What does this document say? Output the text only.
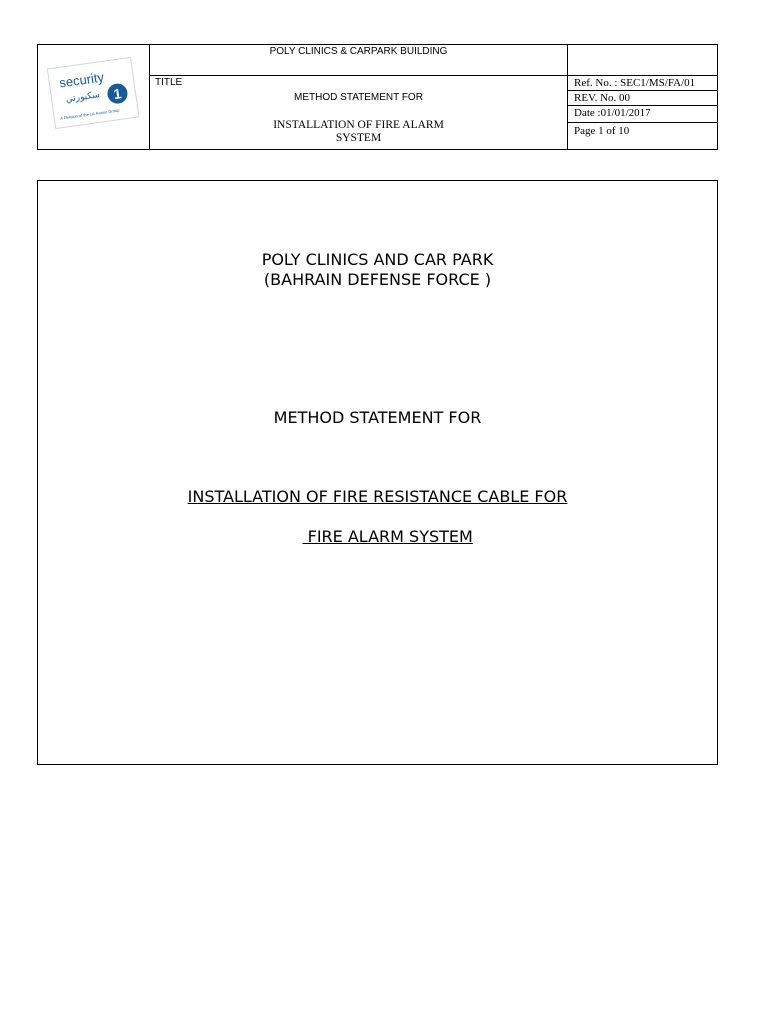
security
سكيورتي 1
A Division of the I.A.Kanoo Group	POLY CLINICS & CARPARK BUILDING	

	TITLE
METHOD STATEMENT FOR
INSTALLATION OF FIRE ALARM
SYSTEM	Ref. No. : SEC1/MS/FA/01
		REV. No. 00
		Date :01/01/2017
		Page 1 of 10
POLY CLINICS AND CAR PARK
(BAHRAIN DEFENSE FORCE )
METHOD STATEMENT FOR
INSTALLATION OF FIRE RESISTANCE CABLE FOR

FIRE ALARM SYSTEM
